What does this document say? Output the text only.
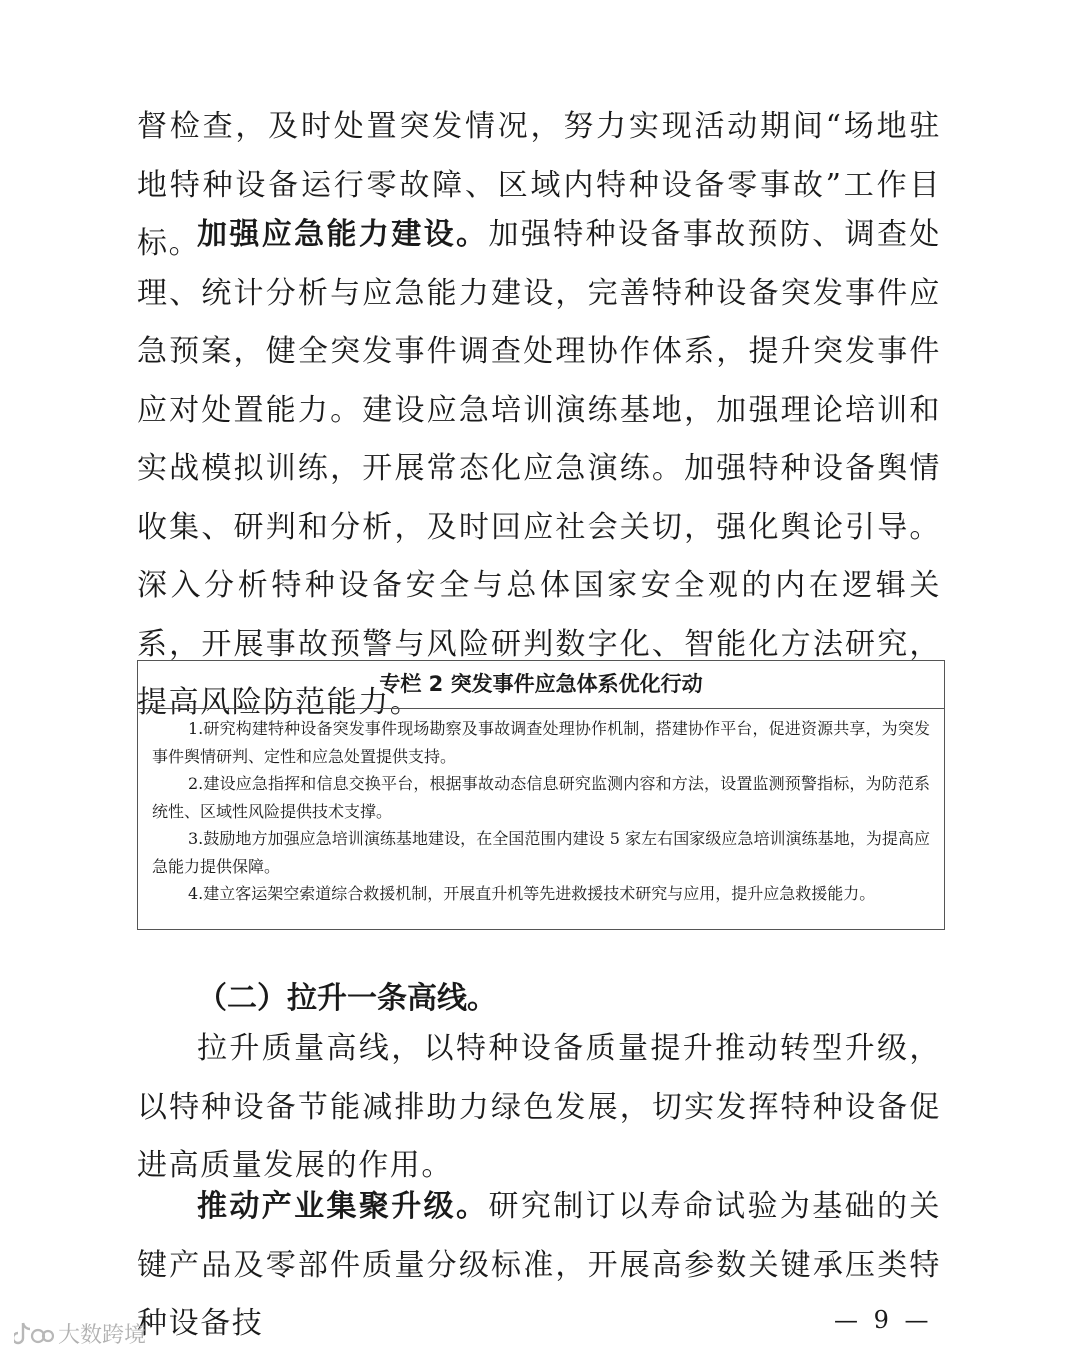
督检查，及时处置突发情况，努力实现活动期间“场地驻地特种设备运行零故障、区域内特种设备零事故”工作目标。

加强应急能力建设。加强特种设备事故预防、调查处理、统计分析与应急能力建设，完善特种设备突发事件应急预案，健全突发事件调查处理协作体系，提升突发事件应对处置能力。建设应急培训演练基地，加强理论培训和实战模拟训练，开展常态化应急演练。加强特种设备舆情收集、研判和分析，及时回应社会关切，强化舆论引导。深入分析特种设备安全与总体国家安全观的内在逻辑关系，开展事故预警与风险研判数字化、智能化方法研究，提高风险防范能力。

专栏 2 突发事件应急体系优化行动

1.研究构建特种设备突发事件现场勘察及事故调查处理协作机制，搭建协作平台，促进资源共享，为突发事件舆情研判、定性和应急处置提供支持。

2.建设应急指挥和信息交换平台，根据事故动态信息研究监测内容和方法，设置监测预警指标，为防范系统性、区域性风险提供技术支撑。

3.鼓励地方加强应急培训演练基地建设，在全国范围内建设 5 家左右国家级应急培训演练基地，为提高应急能力提供保障。

4.建立客运架空索道综合救援机制，开展直升机等先进救援技术研究与应用，提升应急救援能力。

（二）拉升一条高线。

拉升质量高线，以特种设备质量提升推动转型升级，以特种设备节能减排助力绿色发展，切实发挥特种设备促进高质量发展的作用。

推动产业集聚升级。研究制订以寿命试验为基础的关键产品及零部件质量分级标准，开展高参数关键承压类特种设备技	— 9 —
大数跨境
